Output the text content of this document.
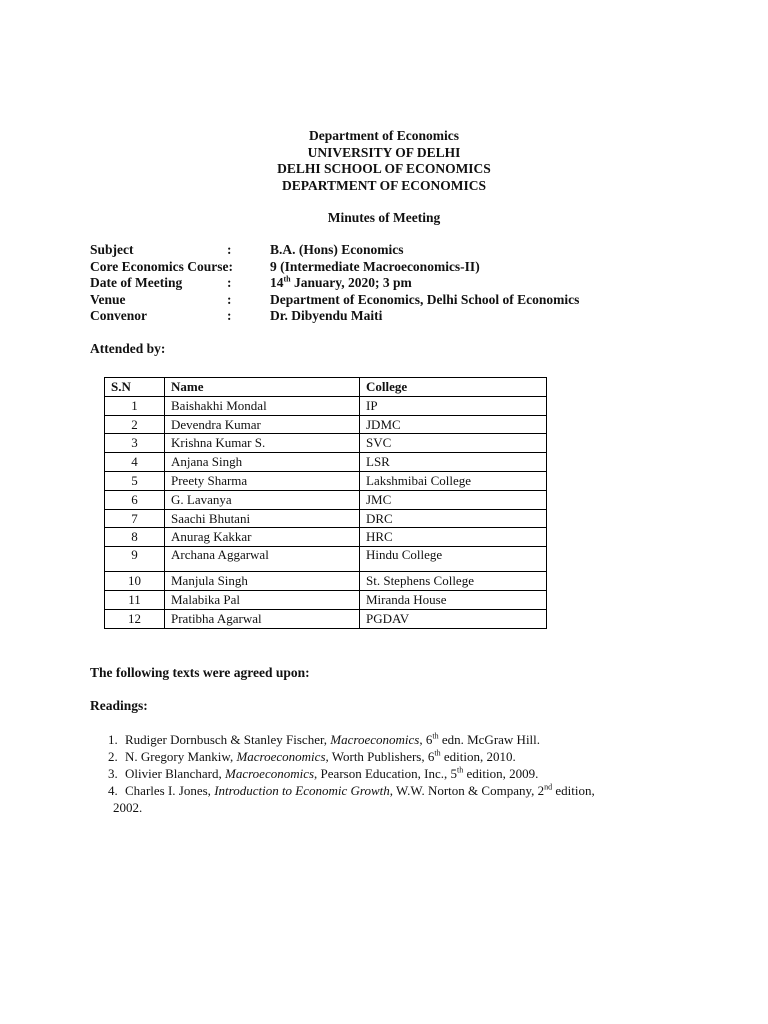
Department of Economics
UNIVERSITY OF DELHI
DELHI SCHOOL OF ECONOMICS
DEPARTMENT OF ECONOMICS
Minutes of Meeting
Subject	:	B.A. (Hons) Economics
Core Economics Course:	9 (Intermediate Macroeconomics-II)
Date of Meeting	:	14th January, 2020; 3 pm
Venue	:	Department of Economics, Delhi School of Economics
Convenor	:	Dr. Dibyendu Maiti
Attended by:
S.N	Name	College
1	Baishakhi Mondal	IP
2	Devendra Kumar	JDMC
3	Krishna Kumar S.	SVC
4	Anjana Singh	LSR
5	Preety Sharma	Lakshmibai College
6	G. Lavanya	JMC
7	Saachi Bhutani	DRC
8	Anurag Kakkar	HRC
9	Archana Aggarwal	Hindu College
10	Manjula Singh	St. Stephens College
11	Malabika Pal	Miranda House
12	Pratibha Agarwal	PGDAV
The following texts were agreed upon:
Readings:
1. Rudiger Dornbusch & Stanley Fischer, Macroeconomics, 6th edn. McGraw Hill.
2. N. Gregory Mankiw, Macroeconomics, Worth Publishers, 6th edition, 2010.
3. Olivier Blanchard, Macroeconomics, Pearson Education, Inc., 5th edition, 2009.
4. Charles I. Jones, Introduction to Economic Growth, W.W. Norton & Company, 2nd edition,
2002.
